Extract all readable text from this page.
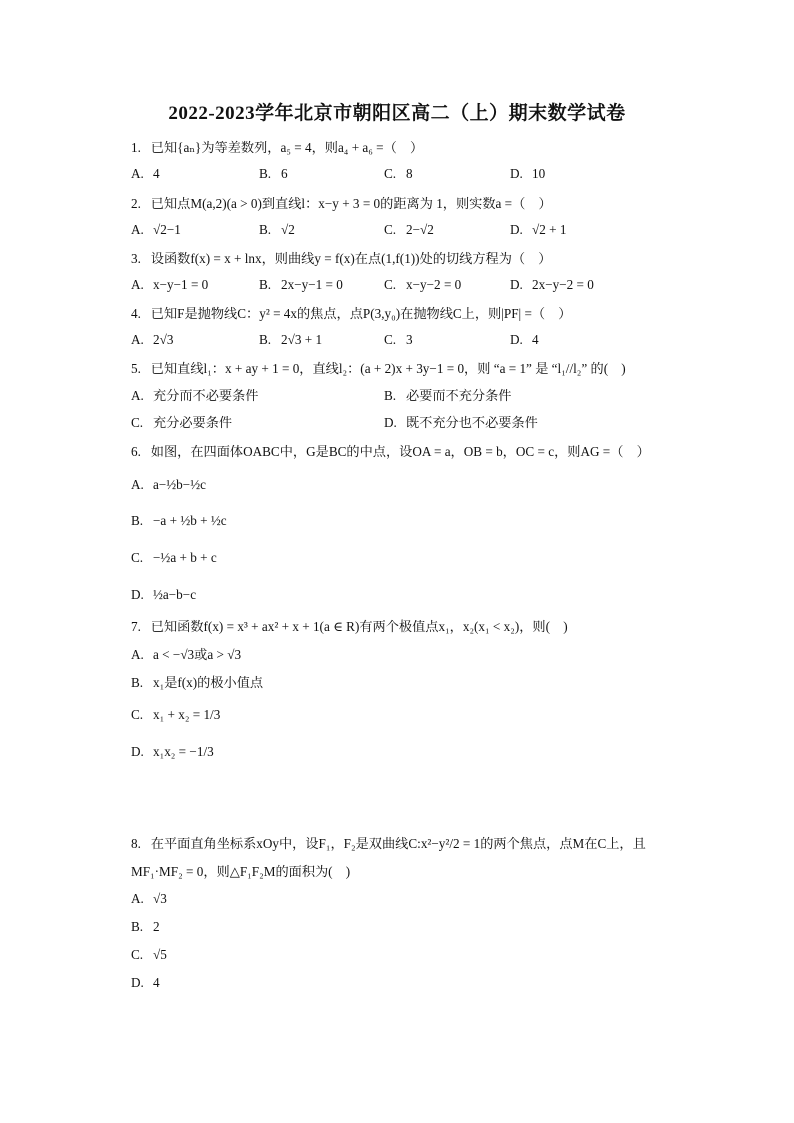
2022-2023学年北京市朝阳区高二（上）期末数学试卷
1. 已知{aₙ}为等差数列，a₅ = 4，则a₄ + a₆ =（　）
A. 4	B. 6	C. 8	D. 10
2. 已知点M(a,2)(a > 0)到直线l：x−y + 3 = 0的距离为 1，则实数a =（　）
A. √2−1	B. √2	C. 2−√2	D. √2 + 1
3. 设函数f(x) = x + lnx，则曲线y = f(x)在点(1,f(1))处的切线方程为（　）
A. x−y−1 = 0	B. 2x−y−1 = 0	C. x−y−2 = 0	D. 2x−y−2 = 0
4. 已知F是抛物线C：y² = 4x的焦点，点P(3,y₀)在抛物线C上，则|PF| =（　）
A. 2√3	B. 2√3 + 1	C. 3	D. 4
5. 已知直线l₁：x + ay + 1 = 0，直线l₂：(a + 2)x + 3y−1 = 0，则 “a = 1” 是 “l₁//l₂” 的(　)
A. 充分而不必要条件	B. 必要而不充分条件
C. 充分必要条件	D. 既不充分也不必要条件
6. 如图，在四面体OABC中，G是BC的中点，设OA = a，OB = b，OC = c，则AG =（　）
A. a−½b−½c
B. −a + ½b + ½c
C. −½a + b + c
D. ½a−b−c
7. 已知函数f(x) = x³ + ax² + x + 1(a ∈ R)有两个极值点x₁，x₂(x₁ < x₂)，则(　)
A. a < −√3或a > √3
B. x₁是f(x)的极小值点
C. x₁ + x₂ = 1/3
D. x₁x₂ = −1/3
8. 在平面直角坐标系xOy中，设F₁，F₂是双曲线C:x²−y²/2 = 1的两个焦点，点M在C上，且MF₁·MF₂ = 0，则△F₁F₂M的面积为(　)
A. √3
B. 2
C. √5
D. 4
